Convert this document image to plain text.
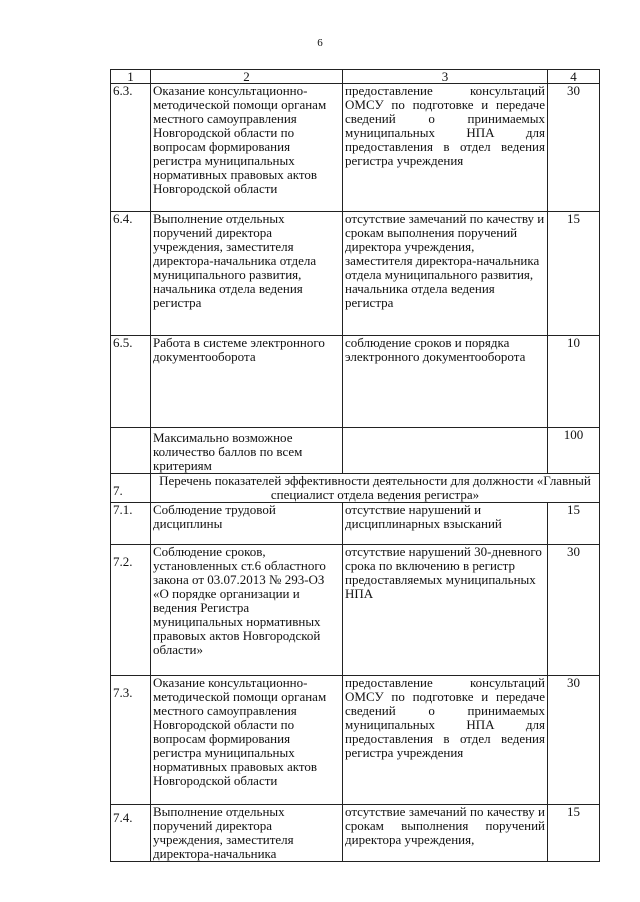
6
1	2	3	4
6.3.	Оказание консультационно-методической помощи органам местного самоуправления Новгородской области по вопросам формирования регистра муниципальных нормативных правовых актов Новгородской области	предоставление консультаций ОМСУ по подготовке и передаче сведений о принимаемых муниципальных НПА для предоставления в отдел ведения регистра учреждения	30
6.4.	Выполнение отдельных поручений директора учреждения, заместителя директора-начальника отдела муниципального развития, начальника отдела ведения регистра	отсутствие замечаний по качеству и срокам выполнения поручений директора учреждения, заместителя директора-начальника отдела муниципального развития, начальника отдела ведения регистра	15
6.5.	Работа в системе электронного документооборота	соблюдение сроков и порядка электронного документооборота	10
	Максимально возможное количество баллов по всем критериям		100
7.	Перечень показателей эффективности деятельности для должности «Главный специалист отдела ведения регистра»		
7.1.	Соблюдение трудовой дисциплины	отсутствие нарушений и дисциплинарных взысканий	15
7.2.	Соблюдение сроков, установленных ст.6 областного закона от 03.07.2013 № 293-ОЗ «О порядке организации и ведения Регистра муниципальных нормативных правовых актов Новгородской области»	отсутствие нарушений 30-дневного срока по включению в регистр предоставляемых муниципальных НПА	30
7.3.	Оказание консультационно-методической помощи органам местного самоуправления Новгородской области по вопросам формирования регистра муниципальных нормативных правовых актов Новгородской области	предоставление консультаций ОМСУ по подготовке и передаче сведений о принимаемых муниципальных НПА для предоставления в отдел ведения регистра учреждения	30
7.4.	Выполнение отдельных поручений директора учреждения, заместителя директора-начальника	отсутствие замечаний по качеству и срокам выполнения поручений директора учреждения,	15
